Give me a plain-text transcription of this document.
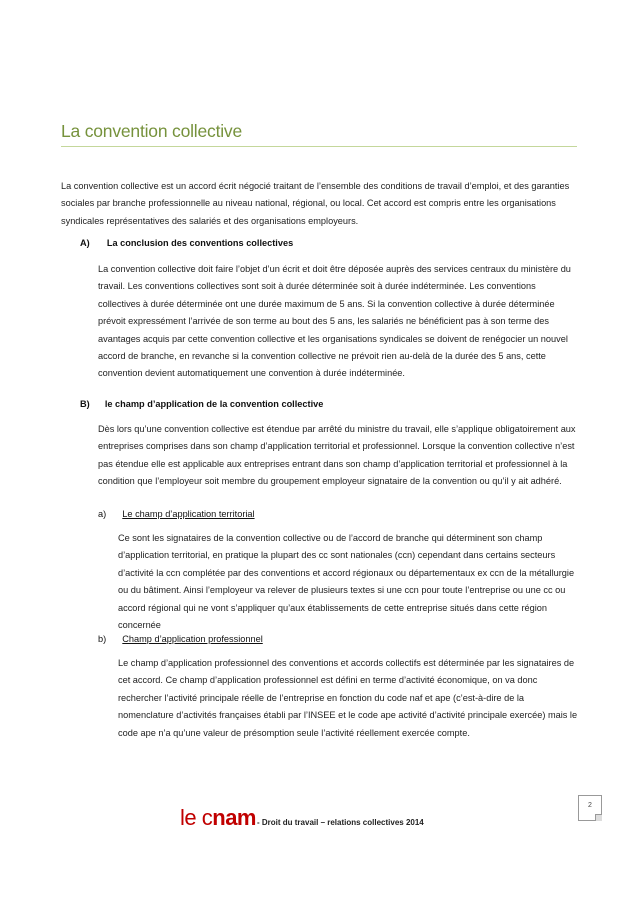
La convention collective
La convention collective est un accord écrit négocié traitant de l’ensemble des conditions de travail d’emploi, et des garanties sociales par branche professionnelle au niveau national, régional, ou local. Cet accord est compris entre les organisations syndicales représentatives des salariés et des organisations employeurs.
A) La conclusion des conventions collectives
La convention collective doit faire l’objet d’un écrit et doit être déposée auprès des services centraux du ministère du travail. Les conventions collectives sont soit à durée déterminée soit à durée indéterminée. Les conventions collectives à durée déterminée ont une durée maximum de 5 ans. Si la convention collective à durée déterminée prévoit expressément l’arrivée de son terme au bout des 5 ans, les salariés ne bénéficient pas à son terme des avantages acquis par cette convention collective et les organisations syndicales se doivent de renégocier un nouvel accord de branche, en revanche si la convention collective ne prévoit rien au-delà de la durée des 5 ans, cette convention devient automatiquement une convention à durée indéterminée.
B) le champ d’application de la convention collective
Dès lors qu’une convention collective est étendue par arrêté du ministre du travail, elle s’applique obligatoirement aux entreprises comprises dans son champ d’application territorial et professionnel. Lorsque la convention collective n’est pas étendue elle est applicable aux entreprises entrant dans son champ d’application territorial et professionnel à la condition que l’employeur soit membre du groupement employeur signataire de la convention ou qu’il y ait adhéré.
a) Le champ d’application territorial
Ce sont les signataires de la convention collective ou de l’accord de branche qui déterminent son champ d’application territorial, en pratique la plupart des cc sont nationales (ccn) cependant dans certains secteurs d’activité la ccn complétée par des conventions et accord régionaux ou départementaux ex ccn de la métallurgie ou du bâtiment. Ainsi l’employeur va relever de plusieurs textes si une ccn pour toute l’entreprise ou une cc ou accord régional qui ne vont s’appliquer qu’aux établissements de cette entreprise situés dans cette région concernée
b) Champ d’application professionnel
Le champ d’application professionnel des conventions et accords collectifs est déterminée par les signataires de cet accord. Ce champ d’application professionnel est défini en terme d’activité économique, on va donc rechercher l’activité principale réelle de l’entreprise en fonction du code naf et ape (c’est-à-dire de la nomenclature d’activités françaises établi par l’INSEE et le code ape activité d’activité principale exercée) mais le code ape n’a qu’une valeur de présomption seule l’activité réellement exercée compte.
2
le cnam - Droit du travail – relations collectives 2014
